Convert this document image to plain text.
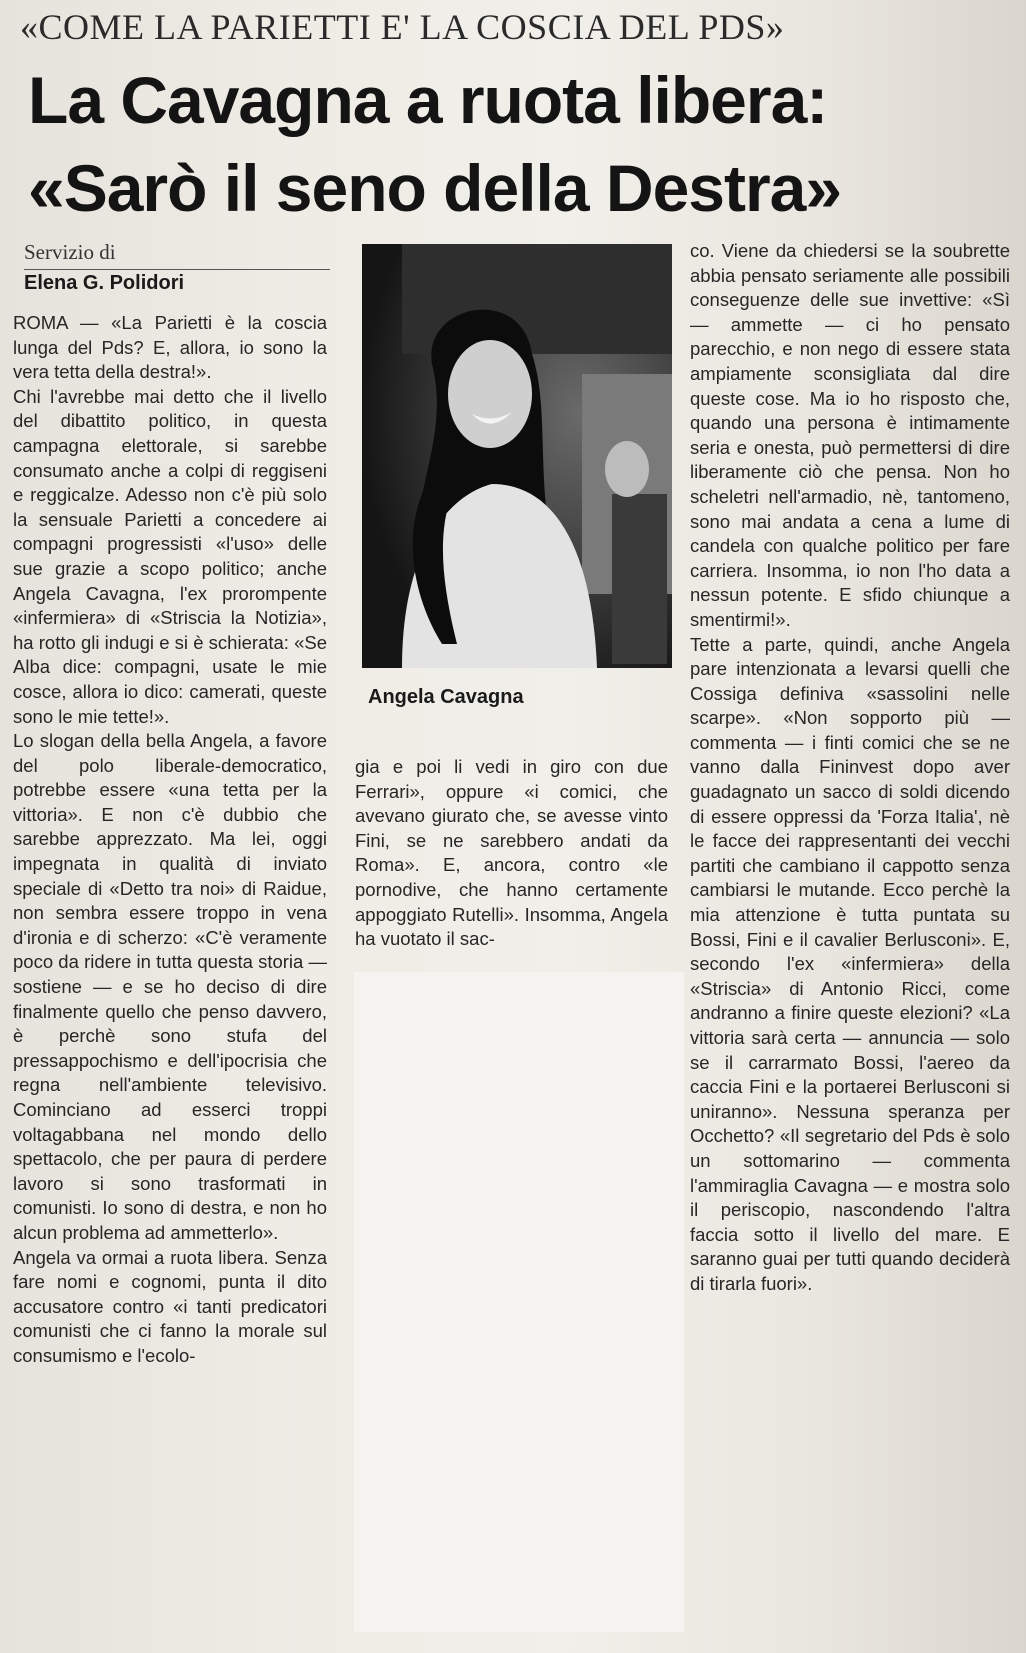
«COME LA PARIETTI E' LA COSCIA DEL PDS»
La Cavagna a ruota libera:
«Sarò il seno della Destra»
Servizio di
Elena G. Polidori

ROMA — «La Parietti è la coscia lunga del Pds? E, allora, io sono la vera tetta della destra!».

Chi l'avrebbe mai detto che il livello del dibattito politico, in questa campagna elettorale, si sarebbe consumato anche a colpi di reggiseni e reggicalze. Adesso non c'è più solo la sensuale Parietti a concedere ai compagni progressisti «l'uso» delle sue grazie a scopo politico; anche Angela Cavagna, l'ex prorompente «infermiera» di «Striscia la Notizia», ha rotto gli indugi e si è schierata: «Se Alba dice: compagni, usate le mie cosce, allora io dico: camerati, queste sono le mie tette!».

Lo slogan della bella Angela, a favore del polo liberale-democratico, potrebbe essere «una tetta per la vittoria». E non c'è dubbio che sarebbe apprezzato. Ma lei, oggi impegnata in qualità di inviato speciale di «Detto tra noi» di Raidue, non sembra essere troppo in vena d'ironia e di scherzo: «C'è veramente poco da ridere in tutta questa storia — sostiene — e se ho deciso di dire finalmente quello che penso davvero, è perchè sono stufa del pressappochismo e dell'ipocrisia che regna nell'ambiente televisivo. Cominciano ad esserci troppi voltagabbana nel mondo dello spettacolo, che per paura di perdere lavoro si sono trasformati in comunisti. Io sono di destra, e non ho alcun problema ad ammetterlo».

Angela va ormai a ruota libera. Senza fare nomi e cognomi, punta il dito accusatore contro «i tanti predicatori comunisti che ci fanno la morale sul consumismo e l'ecolo-

Angela Cavagna

gia e poi li vedi in giro con due Ferrari», oppure «i comici, che avevano giurato che, se avesse vinto Fini, se ne sarebbero andati da Roma». E, ancora, contro «le pornodive, che hanno certamente appoggiato Rutelli». Insomma, Angela ha vuotato il sac-

co. Viene da chiedersi se la soubrette abbia pensato seriamente alle possibili conseguenze delle sue invettive: «Sì — ammette — ci ho pensato parecchio, e non nego di essere stata ampiamente sconsigliata dal dire queste cose. Ma io ho risposto che, quando una persona è intimamente seria e onesta, può permettersi di dire liberamente ciò che pensa. Non ho scheletri nell'armadio, nè, tantomeno, sono mai andata a cena a lume di candela con qualche politico per fare carriera. Insomma, io non l'ho data a nessun potente. E sfido chiunque a smentirmi!».

Tette a parte, quindi, anche Angela pare intenzionata a levarsi quelli che Cossiga definiva «sassolini nelle scarpe». «Non sopporto più — commenta — i finti comici che se ne vanno dalla Fininvest dopo aver guadagnato un sacco di soldi dicendo di essere oppressi da 'Forza Italia', nè le facce dei rappresentanti dei vecchi partiti che cambiano il cappotto senza cambiarsi le mutande. Ecco perchè la mia attenzione è tutta puntata su Bossi, Fini e il cavalier Berlusconi». E, secondo l'ex «infermiera» della «Striscia» di Antonio Ricci, come andranno a finire queste elezioni? «La vittoria sarà certa — annuncia — solo se il carrarmato Bossi, l'aereo da caccia Fini e la portaerei Berlusconi si uniranno». Nessuna speranza per Occhetto? «Il segretario del Pds è solo un sottomarino — commenta l'ammiraglia Cavagna — e mostra solo il periscopio, nascondendo l'altra faccia sotto il livello del mare. E saranno guai per tutti quando deciderà di tirarla fuori».
